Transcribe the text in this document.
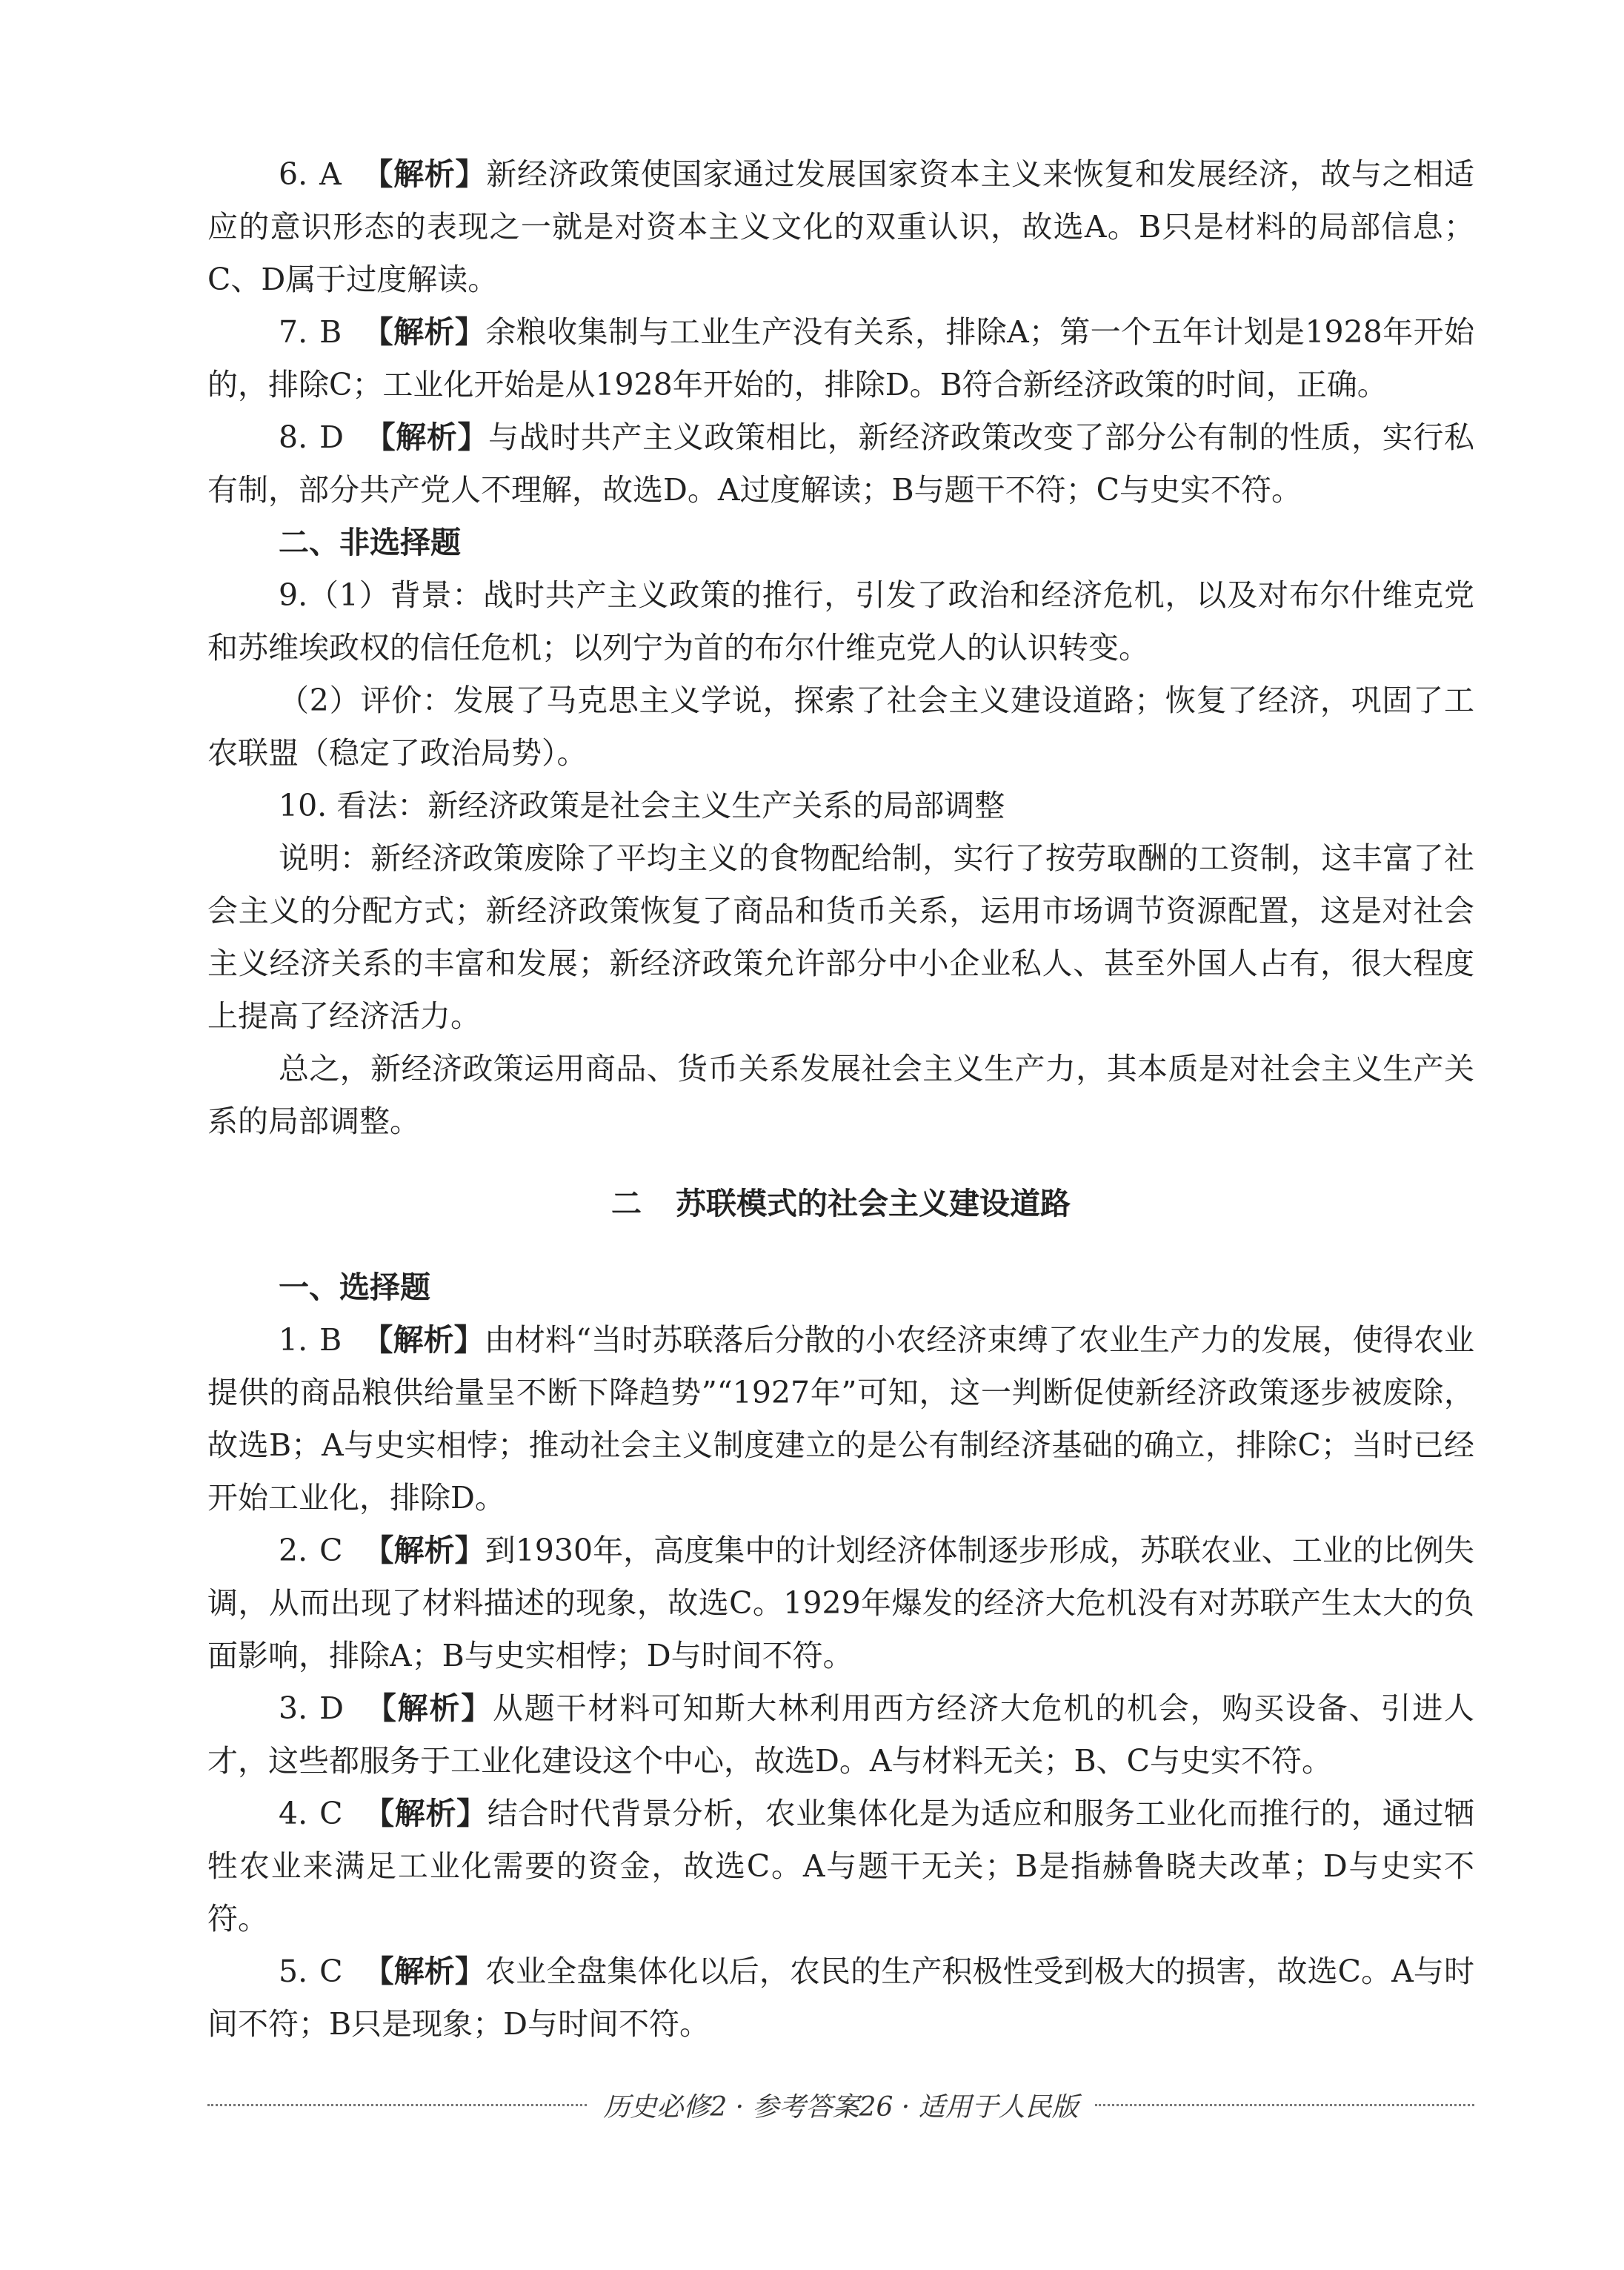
6. A 【解析】新经济政策使国家通过发展国家资本主义来恢复和发展经济，故与之相适应的意识形态的表现之一就是对资本主义文化的双重认识，故选A。B只是材料的局部信息；C、D属于过度解读。

7. B 【解析】余粮收集制与工业生产没有关系，排除A；第一个五年计划是1928年开始的，排除C；工业化开始是从1928年开始的，排除D。B符合新经济政策的时间，正确。

8. D 【解析】与战时共产主义政策相比，新经济政策改变了部分公有制的性质，实行私有制，部分共产党人不理解，故选D。A过度解读；B与题干不符；C与史实不符。

二、非选择题

9.（1）背景：战时共产主义政策的推行，引发了政治和经济危机，以及对布尔什维克党和苏维埃政权的信任危机；以列宁为首的布尔什维克党人的认识转变。

（2）评价：发展了马克思主义学说，探索了社会主义建设道路；恢复了经济，巩固了工农联盟（稳定了政治局势）。

10. 看法：新经济政策是社会主义生产关系的局部调整

说明：新经济政策废除了平均主义的食物配给制，实行了按劳取酬的工资制，这丰富了社会主义的分配方式；新经济政策恢复了商品和货币关系，运用市场调节资源配置，这是对社会主义经济关系的丰富和发展；新经济政策允许部分中小企业私人、甚至外国人占有，很大程度上提高了经济活力。

总之，新经济政策运用商品、货币关系发展社会主义生产力，其本质是对社会主义生产关系的局部调整。

二 苏联模式的社会主义建设道路

一、选择题

1. B 【解析】由材料“当时苏联落后分散的小农经济束缚了农业生产力的发展，使得农业提供的商品粮供给量呈不断下降趋势”“1927年”可知，这一判断促使新经济政策逐步被废除，故选B；A与史实相悖；推动社会主义制度建立的是公有制经济基础的确立，排除C；当时已经开始工业化，排除D。

2. C 【解析】到1930年，高度集中的计划经济体制逐步形成，苏联农业、工业的比例失调，从而出现了材料描述的现象，故选C。1929年爆发的经济大危机没有对苏联产生太大的负面影响，排除A；B与史实相悖；D与时间不符。

3. D 【解析】从题干材料可知斯大林利用西方经济大危机的机会，购买设备、引进人才，这些都服务于工业化建设这个中心，故选D。A与材料无关；B、C与史实不符。

4. C 【解析】结合时代背景分析，农业集体化是为适应和服务工业化而推行的，通过牺牲农业来满足工业化需要的资金，故选C。A与题干无关；B是指赫鲁晓夫改革；D与史实不符。

5. C 【解析】农业全盘集体化以后，农民的生产积极性受到极大的损害，故选C。A与时间不符；B只是现象；D与时间不符。

历史必修2 · 参考答案26 · 适用于人民版
